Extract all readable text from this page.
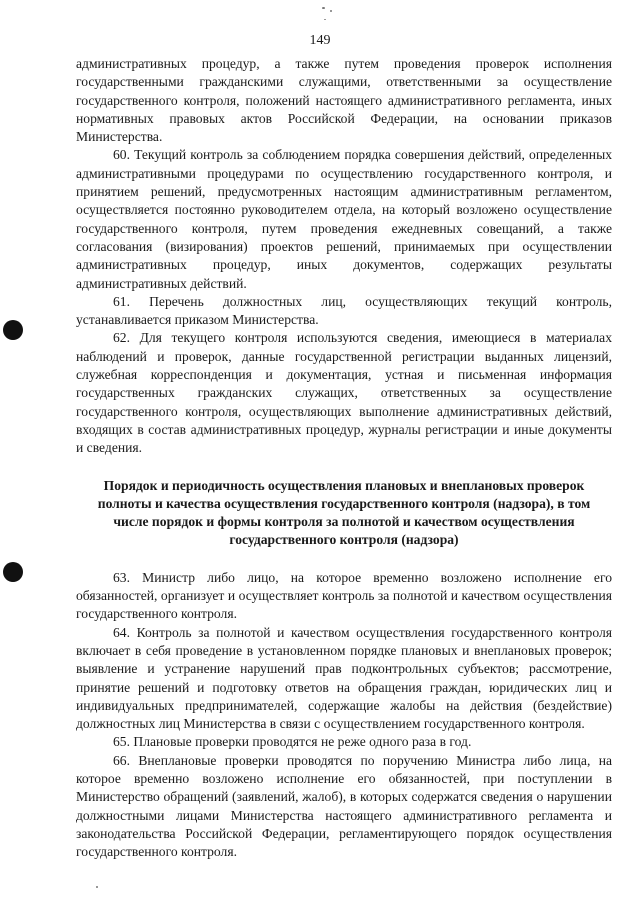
149

административных процедур, а также путем проведения проверок исполнения государственными гражданскими служащими, ответственными за осуществление государственного контроля, положений настоящего административного регламента, иных нормативных правовых актов Российской Федерации, на основании приказов Министерства.

60. Текущий контроль за соблюдением порядка совершения действий, определенных административными процедурами по осуществлению государственного контроля, и принятием решений, предусмотренных настоящим административным регламентом, осуществляется постоянно руководителем отдела, на который возложено осуществление государственного контроля, путем проведения ежедневных совещаний, а также согласования (визирования) проектов решений, принимаемых при осуществлении административных процедур, иных документов, содержащих результаты административных действий.

61. Перечень должностных лиц, осуществляющих текущий контроль, устанавливается приказом Министерства.

62. Для текущего контроля используются сведения, имеющиеся в материалах наблюдений и проверок, данные государственной регистрации выданных лицензий, служебная корреспонденция и документация, устная и письменная информация государственных гражданских служащих, ответственных за осуществление государственного контроля, осуществляющих выполнение административных действий, входящих в состав административных процедур, журналы регистрации и иные документы и сведения.

Порядок и периодичность осуществления плановых и внеплановых проверок полноты и качества осуществления государственного контроля (надзора), в том числе порядок и формы контроля за полнотой и качеством осуществления государственного контроля (надзора)

63. Министр либо лицо, на которое временно возложено исполнение его обязанностей, организует и осуществляет контроль за полнотой и качеством осуществления государственного контроля.

64. Контроль за полнотой и качеством осуществления государственного контроля включает в себя проведение в установленном порядке плановых и внеплановых проверок; выявление и устранение нарушений прав подконтрольных субъектов; рассмотрение, принятие решений и подготовку ответов на обращения граждан, юридических лиц и индивидуальных предпринимателей, содержащие жалобы на действия (бездействие) должностных лиц Министерства в связи с осуществлением государственного контроля.

65. Плановые проверки проводятся не реже одного раза в год.

66. Внеплановые проверки проводятся по поручению Министра либо лица, на которое временно возложено исполнение его обязанностей, при поступлении в Министерство обращений (заявлений, жалоб), в которых содержатся сведения о нарушении должностными лицами Министерства настоящего административного регламента и законодательства Российской Федерации, регламентирующего порядок осуществления государственного контроля.
